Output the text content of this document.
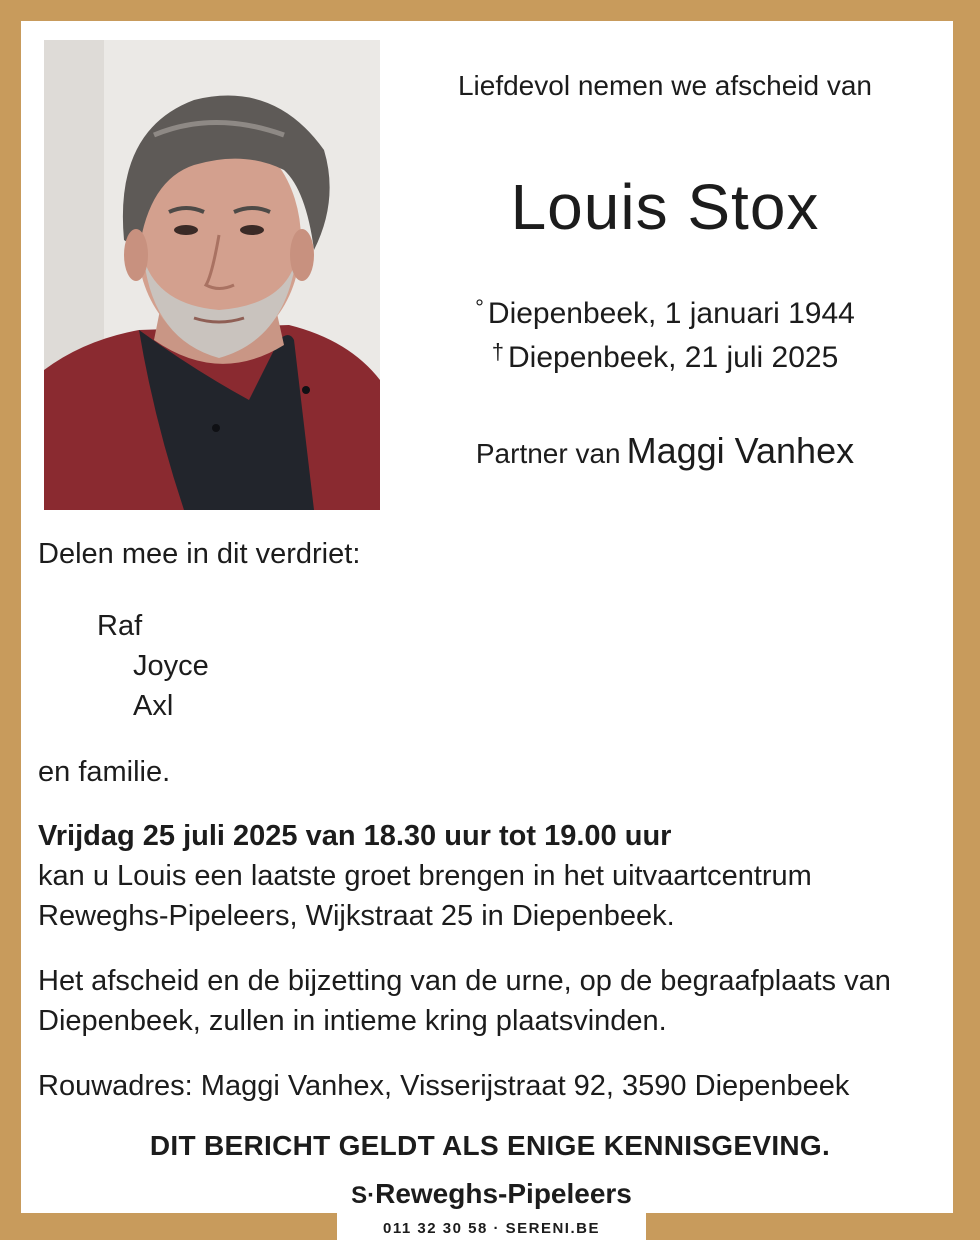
Liefdevol nemen we afscheid van
Louis Stox
° Diepenbeek, 1 januari 1944
† Diepenbeek, 21 juli 2025
Partner van Maggi Vanhex
Delen mee in dit verdriet:
Raf
Joyce
Axl
en familie.
Vrijdag 25 juli 2025 van 18.30 uur tot 19.00 uur
kan u Louis een laatste groet brengen in het uitvaartcentrum
Reweghs-Pipeleers, Wijkstraat 25 in Diepenbeek.
Het afscheid en de bijzetting van de urne, op de begraafplaats van
Diepenbeek, zullen in intieme kring plaatsvinden.
Rouwadres: Maggi Vanhex, Visserijstraat 92, 3590 Diepenbeek
DIT BERICHT GELDT ALS ENIGE KENNISGEVING.
S·Reweghs-Pipeleers
011 32 30 58 · SERENI.BE
